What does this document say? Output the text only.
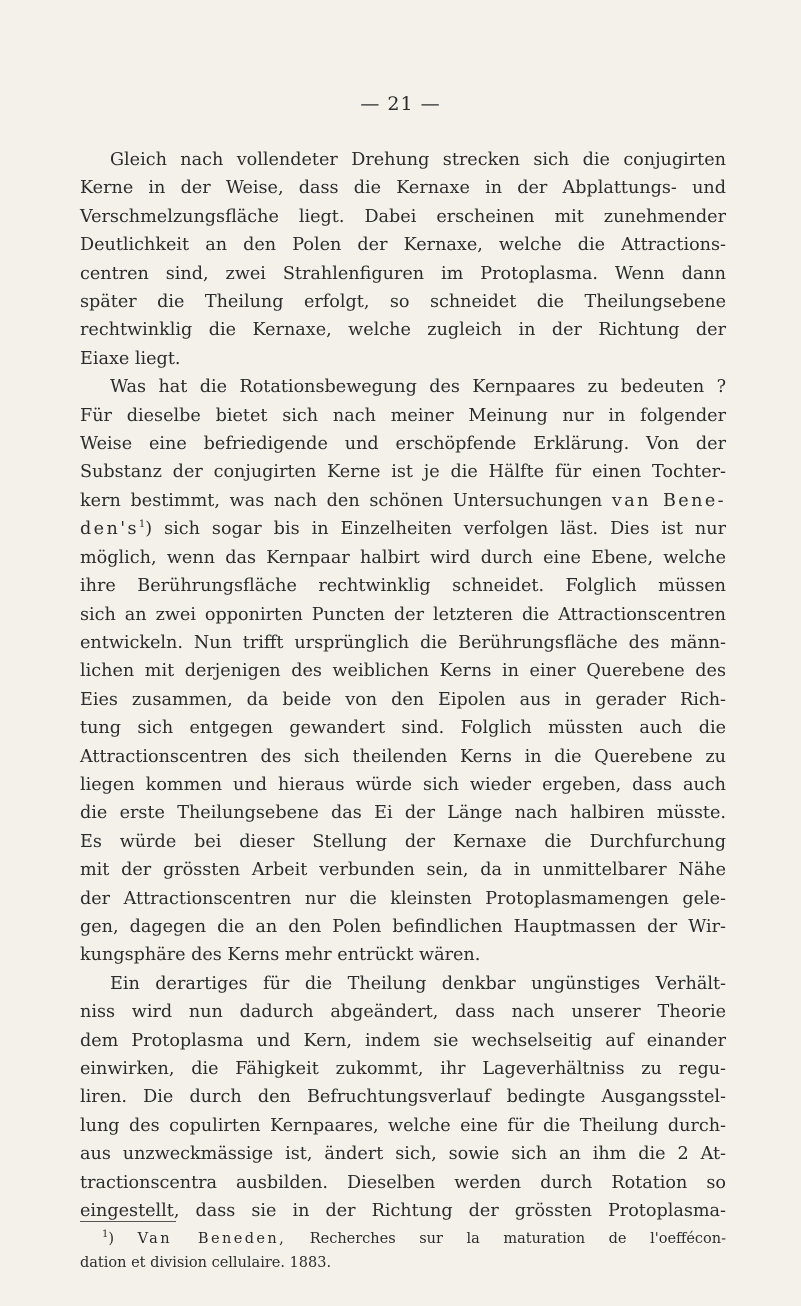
— 21 —
Gleich nach vollendeter Drehung strecken sich die conjugirten
Kerne in der Weise, dass die Kernaxe in der Abplattungs- und
Verschmelzungsfläche liegt. Dabei erscheinen mit zunehmender
Deutlichkeit an den Polen der Kernaxe, welche die Attractions-
centren sind, zwei Strahlenfiguren im Protoplasma. Wenn dann
später die Theilung erfolgt, so schneidet die Theilungsebene
rechtwinklig die Kernaxe, welche zugleich in der Richtung der
Eiaxe liegt.
Was hat die Rotationsbewegung des Kernpaares zu bedeuten ?
Für dieselbe bietet sich nach meiner Meinung nur in folgender
Weise eine befriedigende und erschöpfende Erklärung. Von der
Substanz der conjugirten Kerne ist je die Hälfte für einen Tochter-
kern bestimmt, was nach den schönen Untersuchungen van Bene-
$den's^1$) sich sogar bis in Einzelheiten verfolgen läst. Dies ist nur
möglich, wenn das Kernpaar halbirt wird durch eine Ebene, welche
ihre Berührungsfläche rechtwinklig schneidet. Folglich müssen
sich an zwei opponirten Puncten der letzteren die Attractionscentren
entwickeln. Nun trifft ursprünglich die Berührungsfläche des männ-
lichen mit derjenigen des weiblichen Kerns in einer Querebene des
Eies zusammen, da beide von den Eipolen aus in gerader Rich-
tung sich entgegen gewandert sind. Folglich müssten auch die
Attractionscentren des sich theilenden Kerns in die Querebene zu
liegen kommen und hieraus würde sich wieder ergeben, dass auch
die erste Theilungsebene das Ei der Länge nach halbiren müsste.
Es würde bei dieser Stellung der Kernaxe die Durchfurchung
mit der grössten Arbeit verbunden sein, da in unmittelbarer Nähe
der Attractionscentren nur die kleinsten Protoplasmamengen gele-
gen, dagegen die an den Polen befindlichen Hauptmassen der Wir-
kungsphäre des Kerns mehr entrückt wären.
Ein derartiges für die Theilung denkbar ungünstiges Verhält-
niss wird nun dadurch abgeändert, dass nach unserer Theorie
dem Protoplasma und Kern, indem sie wechselseitig auf einander
einwirken, die Fähigkeit zukommt, ihr Lageverhältniss zu regu-
liren. Die durch den Befruchtungsverlauf bedingte Ausgangsstel-
lung des copulirten Kernpaares, welche eine für die Theilung durch-
aus unzweckmässige ist, ändert sich, sowie sich an ihm die 2 At-
tractionscentra ausbilden. Dieselben werden durch Rotation so
eingestellt, dass sie in der Richtung der grössten Protoplasma-
$^1$) Van Beneden, Recherches sur la maturation de l'oeffécon-
dation et division cellulaire. 1883.
